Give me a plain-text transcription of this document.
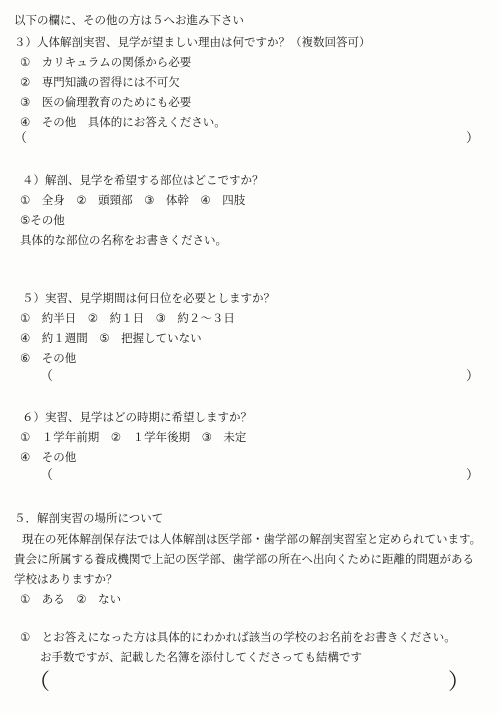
以下の欄に、その他の方は５へお進み下さい
３）人体解剖実習、見学が望ましい理由は何ですか？（複数回答可）
①　カリキュラムの関係から必要
②　専門知識の習得には不可欠
③　医の倫理教育のためにも必要
④　その他　具体的にお答えください。
（	）
４）解剖、見学を希望する部位はどこですか？
①　全身　②　頭頸部　③　体幹　④　四肢
⑤その他
具体的な部位の名称をお書きください。
５）実習、見学期間は何日位を必要としますか？
①　約半日　②　約１日　③　約２～３日
④　約１週間　⑤　把握していない
⑥　その他
（	）
６）実習、見学はどの時期に希望しますか？
①　１学年前期　②　１学年後期　③　未定
④　その他
（	）
５．解剖実習の場所について
現在の死体解剖保存法では人体解剖は医学部・歯学部の解剖実習室と定められています。
貴会に所属する養成機関で上記の医学部、歯学部の所在へ出向くために距離的問題がある
学校はありますか？
①　ある　②　ない
①　とお答えになった方は具体的にわかれば該当の学校のお名前をお書きください。
お手数ですが、記載した名簿を添付してくださっても結構です
（	）
